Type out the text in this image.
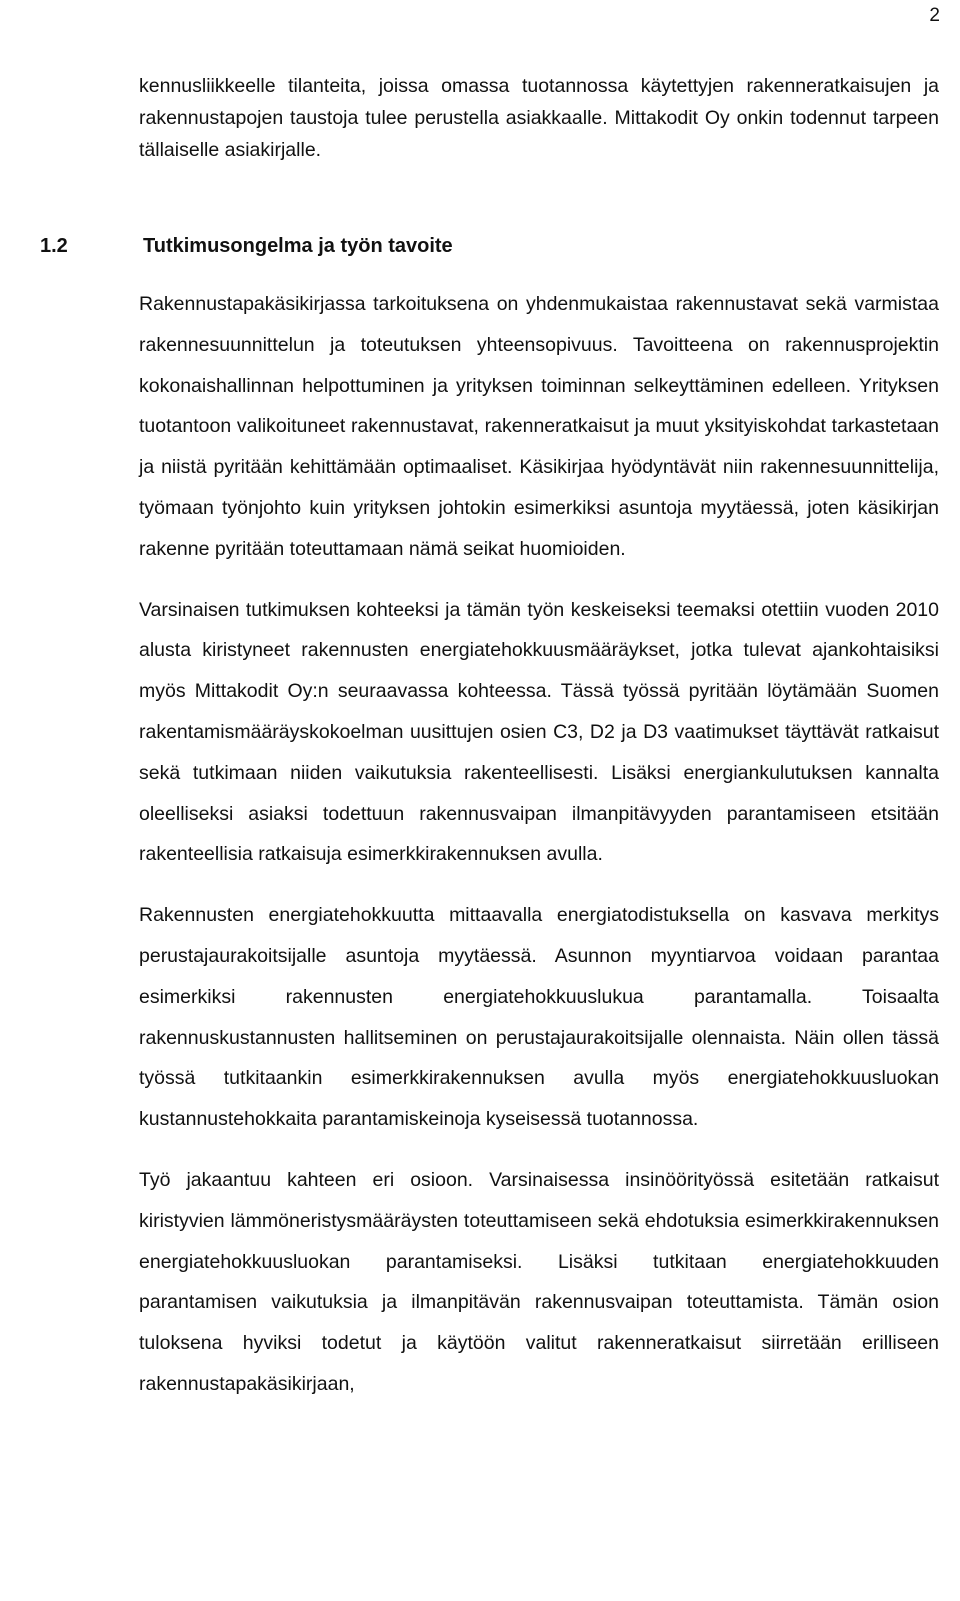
2

kennusliikkeelle tilanteita, joissa omassa tuotannossa käytettyjen rakenneratkaisujen ja rakennustapojen taustoja tulee perustella asiakkaalle. Mittakodit Oy onkin todennut tarpeen tällaiselle asiakirjalle.

1.2	Tutkimusongelma ja työn tavoite

Rakennustapakäsikirjassa tarkoituksena on yhdenmukaistaa rakennustavat sekä varmistaa rakennesuunnittelun ja toteutuksen yhteensopivuus. Tavoitteena on rakennusprojektin kokonaishallinnan helpottuminen ja yrityksen toiminnan selkeyttäminen edelleen. Yrityksen tuotantoon valikoituneet rakennustavat, rakenneratkaisut ja muut yksityiskohdat tarkastetaan ja niistä pyritään kehittämään optimaaliset. Käsikirjaa hyödyntävät niin rakennesuunnittelija, työmaan työnjohto kuin yrityksen johtokin esimerkiksi asuntoja myytäessä, joten käsikirjan rakenne pyritään toteuttamaan nämä seikat huomioiden.

Varsinaisen tutkimuksen kohteeksi ja tämän työn keskeiseksi teemaksi otettiin vuoden 2010 alusta kiristyneet rakennusten energiatehokkuusmääräykset, jotka tulevat ajankohtaisiksi myös Mittakodit Oy:n seuraavassa kohteessa. Tässä työssä pyritään löytämään Suomen rakentamismääräyskokoelman uusittujen osien C3, D2 ja D3 vaatimukset täyttävät ratkaisut sekä tutkimaan niiden vaikutuksia rakenteellisesti. Lisäksi energiankulutuksen kannalta oleelliseksi asiaksi todettuun rakennusvaipan ilmanpitävyyden parantamiseen etsitään rakenteellisia ratkaisuja esimerkkirakennuksen avulla.

Rakennusten energiatehokkuutta mittaavalla energiatodistuksella on kasvava merkitys perustajaurakoitsijalle asuntoja myytäessä. Asunnon myyntiarvoa voidaan parantaa esimerkiksi rakennusten energiatehokkuuslukua parantamalla. Toisaalta rakennuskustannusten hallitseminen on perustajaurakoitsijalle olennaista. Näin ollen tässä työssä tutkitaankin esimerkkirakennuksen avulla myös energiatehokkuusluokan kustannustehokkaita parantamiskeinoja kyseisessä tuotannossa.

Työ jakaantuu kahteen eri osioon. Varsinaisessa insinöörityössä esitetään ratkaisut kiristyvien lämmöneristysmääräysten toteuttamiseen sekä ehdotuksia esimerkkirakennuksen energiatehokkuusluokan parantamiseksi. Lisäksi tutkitaan energiatehokkuuden parantamisen vaikutuksia ja ilmanpitävän rakennusvaipan toteuttamista. Tämän osion tuloksena hyviksi todetut ja käytöön valitut rakenneratkaisut siirretään erilliseen rakennustapakäsikirjaan,
